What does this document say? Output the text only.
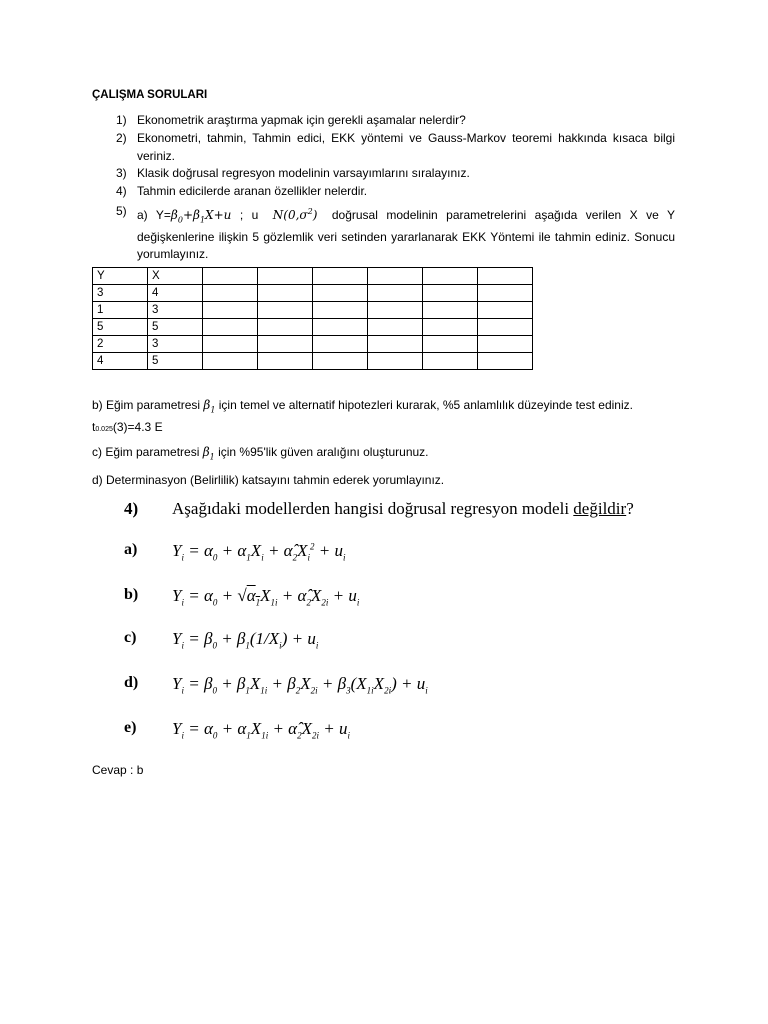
ÇALIŞMA SORULARI
1) Ekonometrik araştırma yapmak için gerekli aşamalar nelerdir?
2) Ekonometri, tahmin, Tahmin edici, EKK yöntemi ve Gauss-Markov teoremi hakkında kısaca bilgi veriniz.
3) Klasik doğrusal regresyon modelinin varsayımlarını sıralayınız.
4) Tahmin edicilerde aranan özellikler nelerdir.
5) a) $Y=\beta_0+\beta_1X+u$ ; u $N(0,\sigma^2)$ doğrusal modelinin parametrelerini aşağıda verilen X ve Y değişkenlerine ilişkin 5 gözlemlik veri setinden yararlanarak EKK Yöntemi ile tahmin ediniz. Sonucu yorumlayınız.
Y	X						
3	4						
1	3						
5	5						
2	3						
4	5						
b) Eğim parametresi $\beta_1$ için temel ve alternatif hipotezleri kurarak, %5 anlamlılık düzeyinde test ediniz. t0.025(3)=4.3 E
c) Eğim parametresi $\beta_1$ için %95'lik güven aralığını oluşturunuz.
d) Determinasyon (Belirlilik) katsayını tahmin ederek yorumlayınız.
4) Aşağıdaki modellerden hangisi doğrusal regresyon modeli değildir?
a) $Y_i = \alpha_0 + \alpha_1X_i$ + $\alphâ_2X_i^2 + u_i$
b) $Y_i = \alpha_0 + √\alpha_1X_{1i}$ + $\alphâ_2X_{2i} + u_i$
c) $Y_i = \beta_0 + \beta_1(1/X_i) + u_i$
d) $Y_i = \beta_0 + \beta_1X_{1i} + \beta_2X_{2i} + \beta_3(X_{1i}X_{2i}) + u_i$
e) $Y_i = \alpha_0 + \alpha_1X_{1i}$ + $\alphâ_2X_{2i} + u_i$
Cevap : b
